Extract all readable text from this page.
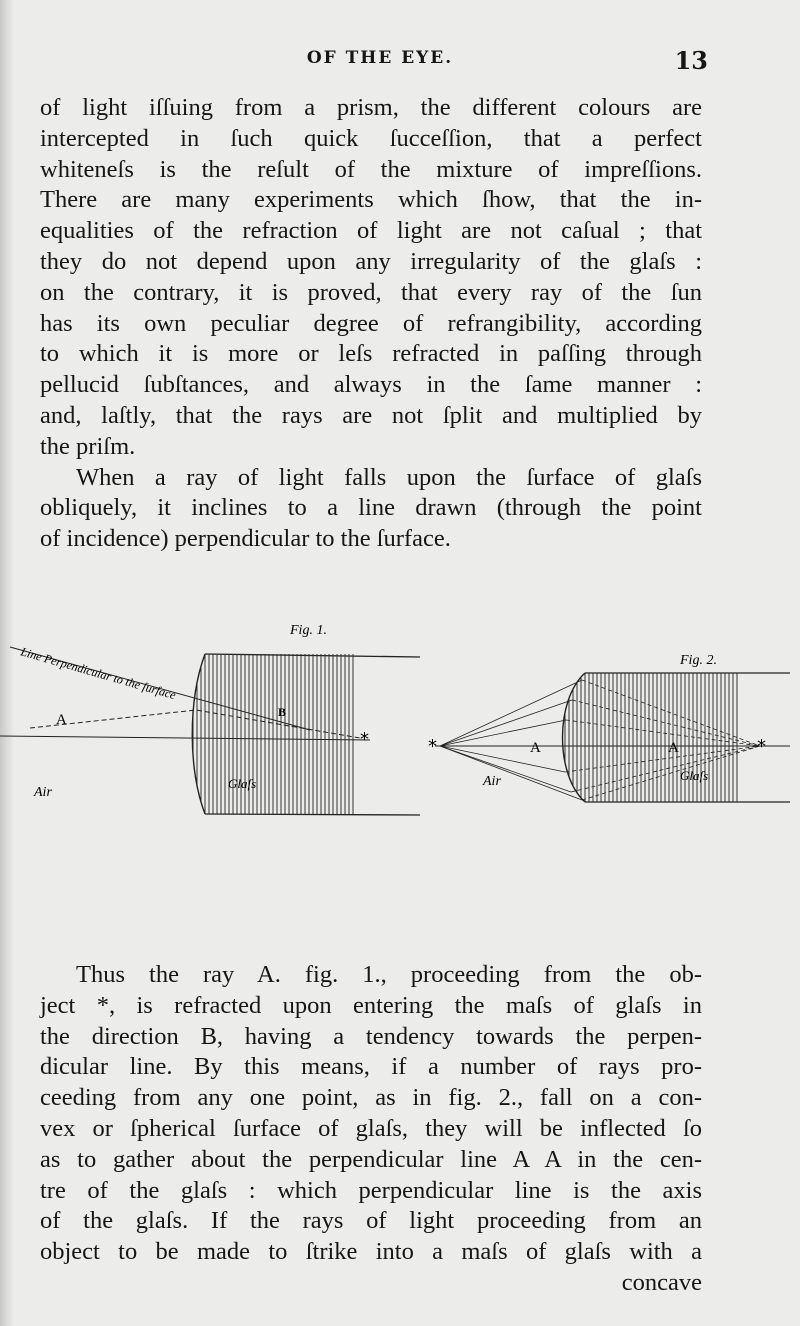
OF THE EYE.	13
of light iſſuing from a prism, the different colours are
intercepted in ſuch quick ſucceſſion, that a perfect
whiteneſs is the reſult of the mixture of impreſſions.
There are many experiments which ſhow, that the in-
equalities of the refraction of light are not caſual ; that
they do not depend upon any irregularity of the glaſs :
on the contrary, it is proved, that every ray of the ſun
has its own peculiar degree of refrangibility, according
to which it is more or leſs refracted in paſſing through
pellucid ſubſtances, and always in the ſame manner :
and, laſtly, that the rays are not ſplit and multiplied by
the priſm.
When a ray of light falls upon the ſurface of glaſs
obliquely, it inclines to a line drawn (through the point
of incidence) perpendicular to the ſurface.
Fig. 1.
Line Perpendicular to the ſurface
A	B
Air
Glaſs
*
Fig. 2.
A	A
Air	Glaſs
*	*
Thus the ray A. fig. 1., proceeding from the ob-
ject *, is refracted upon entering the maſs of glaſs in
the direction B, having a tendency towards the perpen-
dicular line. By this means, if a number of rays pro-
ceeding from any one point, as in fig. 2., fall on a con-
vex or ſpherical ſurface of glaſs, they will be inflected ſo
as to gather about the perpendicular line A A in the cen-
tre of the glaſs : which perpendicular line is the axis
of the glaſs. If the rays of light proceeding from an
object to be made to ſtrike into a maſs of glaſs with a
concave
